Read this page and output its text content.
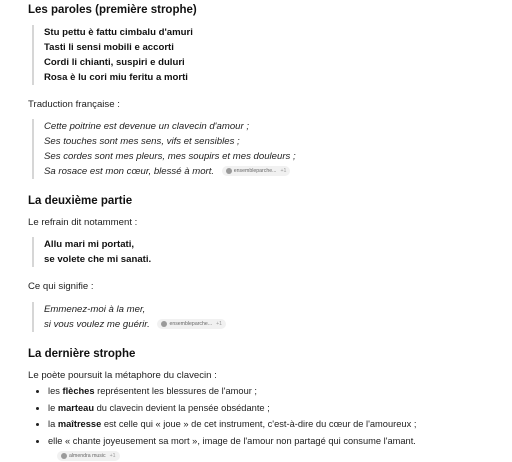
Les paroles (première strophe)
Stu pettu è fattu cimbalu d'amuri
Tasti li sensi mobili e accorti
Cordi li chianti, suspiri e duluri
Rosa è lu cori miu feritu a morti

Traduction française :

Cette poitrine est devenue un clavecin d'amour ;
Ses touches sont mes sens, vifs et sensibles ;
Ses cordes sont mes pleurs, mes soupirs et mes douleurs ;
Sa rosace est mon cœur, blessé à mort.	ensembleparche... +1
La deuxième partie

Le refrain dit notamment :

Allu mari mi portati,
se volete che mi sanati.

Ce qui signifie :

Emmenez-moi à la mer,
si vous voulez me guérir.	ensembleparche... +1
La dernière strophe

Le poète poursuit la métaphore du clavecin :

• les flèches représentent les blessures de l'amour ;
• le marteau du clavecin devient la pensée obsédante ;
• la maîtresse est celle qui « joue » de cet instrument, c'est-à-dire du cœur de l'amoureux ;
• elle « chante joyeusement sa mort », image de l'amour non partagé qui consume l'amant.
almendra music +1
